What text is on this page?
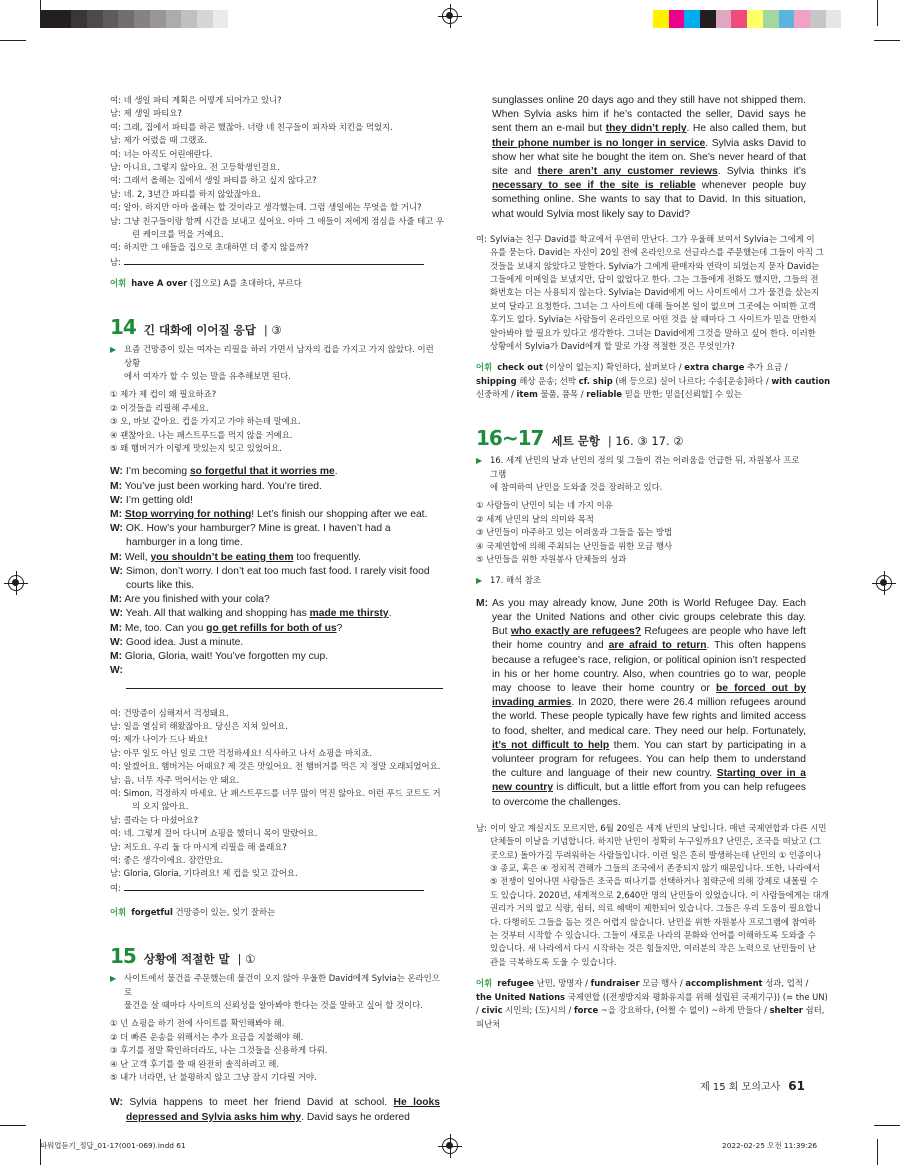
여: 네 생일 파티 계획은 어떻게 되어가고 있니?
남: 제 생일 파티요?
여: 그래, 집에서 파티를 하곤 했잖아. 너랑 네 친구들이 피자와 치킨을 먹었지.
남: 제가 어렸을 때 그랬죠.
여: 너는 아직도 어린애란다.
남: 아니요, 그렇지 않아요. 전 고등학생인걸요.
여: 그래서 올해는 집에서 생일 파티를 하고 싶지 않다고?
남: 네. 2, 3년간 파티를 하지 않았잖아요.
여: 알아. 하지만 아마 올해는 할 것이라고 생각했는데. 그럼 생일에는 무엇을 할 거니?
남: 그냥 친구들이랑 함께 시간을 보내고 싶어요. 아마 그 애들이 저에게 점심을 사줄 테고 우
린 케이크를 먹을 거예요.
여: 하지만 그 애들을 집으로 초대하면 더 좋지 않을까?
남:
어휘 have A over (집으로) A를 초대하다, 부르다
14 긴 대화에 이어질 응답 | ③
▶ 요즘 건망증이 있는 여자는 리필을 하러 가면서 남자의 컵을 가지고 가지 않았다. 이런 상황
에서 여자가 할 수 있는 말을 유추해보면 된다.
① 제가 제 컵이 왜 필요하죠?
② 이것들을 리필해 주세요.
③ 오, 바보 같아요. 컵을 가지고 가야 하는데 말예요.
④ 괜찮아요. 나는 패스트푸드를 먹지 않을 거예요.
⑤ 왜 햄버거가 이렇게 맛있는지 잊고 있었어요.
W: I’m becoming so forgetful that it worries me.
M: You’ve just been working hard. You’re tired.
W: I’m getting old!
M: Stop worrying for nothing! Let’s finish our shopping after we eat.
W: OK. How’s your hamburger? Mine is great. I haven’t had a hamburger in a long time.
M: Well, you shouldn’t be eating them too frequently.
W: Simon, don’t worry. I don’t eat too much fast food. I rarely visit food courts like this.
M: Are you finished with your cola?
W: Yeah. All that walking and shopping has made me thirsty.
M: Me, too. Can you go get refills for both of us?
W: Good idea. Just a minute.
M: Gloria, Gloria, wait! You’ve forgotten my cup.
W:
여: 건망증이 심해져서 걱정돼요.
남: 일을 열심히 해왔잖아요. 당신은 지쳐 있어요.
여: 제가 나이가 드나 봐요!
남: 아무 일도 아닌 일로 그만 걱정하세요! 식사하고 나서 쇼핑을 마치죠.
여: 알겠어요. 햄버거는 어때요? 제 것은 맛있어요. 전 햄버거를 먹은 지 정말 오래되었어요.
남: 음, 너무 자주 먹어서는 안 돼요.
여: Simon, 걱정하지 마세요. 난 패스트푸드를 너무 많이 먹진 않아요. 이런 푸드 코트도 거
의 오지 않아요.
남: 콜라는 다 마셨어요?
여: 네. 그렇게 걸어 다니며 쇼핑을 했더니 목이 말랐어요.
남: 저도요. 우리 둘 다 마시게 리필을 해 올래요?
여: 좋은 생각이에요. 잠깐만요.
남: Gloria, Gloria, 기다려요! 제 컵을 잊고 갔어요.
여:
어휘 forgetful 건망증이 있는, 잊기 잘하는
15 상황에 적절한 말 | ①
▶ 사이트에서 물건을 주문했는데 물건이 오지 않아 우울한 David에게 Sylvia는 온라인으로
물건을 살 때마다 사이트의 신뢰성을 알아봐야 한다는 것을 말하고 싶어 할 것이다.
① 넌 쇼핑을 하기 전에 사이트를 확인해봐야 해.
② 더 빠른 운송을 위해서는 추가 요금을 지불해야 해.
③ 후기를 정말 확인하더라도, 나는 그것들을 신용하게 다뤄.
④ 난 고객 후기를 쓸 때 완전히 솔직하려고 해.
⑤ 내가 너라면, 난 불평하지 않고 그냥 잠시 기다릴 거야.
W: Sylvia happens to meet her friend David at school. He looks depressed and Sylvia asks him why. David says he ordered
sunglasses online 20 days ago and they still have not shipped them. When Sylvia asks him if he’s contacted the seller, David says he sent them an e-mail but they didn’t reply. He also called them, but their phone number is no longer in service. Sylvia asks David to show her what site he bought the item on. She’s never heard of that site and there aren’t any customer reviews. Sylvia thinks it’s necessary to see if the site is reliable whenever people buy something online. She wants to say that to David. In this situation, what would Sylvia most likely say to David?
여: Sylvia는 친구 David를 학교에서 우연히 만난다. 그가 우울해 보여서 Sylvia는 그에게 이
유를 묻는다. David는 자신이 20일 전에 온라인으로 선글라스를 주문했는데 그들이 아직 그
것들을 보내지 않았다고 말한다. Sylvia가 그에게 판매자와 연락이 되었는지 묻자 David는
그들에게 이메일을 보냈지만, 답이 없었다고 한다. 그는 그들에게 전화도 했지만, 그들의 전
화번호는 더는 사용되지 않는다. Sylvia는 David에게 어느 사이트에서 그가 물건을 샀는지
보여 달라고 요청한다. 그녀는 그 사이트에 대해 들어본 일이 없으며 그곳에는 어떠한 고객
후기도 없다. Sylvia는 사람들이 온라인으로 어떤 것을 살 때마다 그 사이트가 믿을 만한지
알아봐야 할 필요가 있다고 생각한다. 그녀는 David에게 그것을 말하고 싶어 한다. 이러한
상황에서 Sylvia가 David에게 할 말로 가장 적절한 것은 무엇인가?
어휘 check out (이상이 없는지) 확인하다, 살펴보다 / extra charge 추가 요금 /
shipping 해상 운송; 선박 cf. ship (배 등으로) 실어 나르다; 수송[운송]하다 / with caution
신중하게 / item 물품, 품목 / reliable 믿을 만한; 믿을[신뢰할] 수 있는
16~17 세트 문항 | 16. ③ 17. ②
▶ 16. 세계 난민의 날과 난민의 정의 및 그들이 겪는 어려움을 언급한 뒤, 자원봉사 프로그램
에 참여하여 난민을 도와줄 것을 장려하고 있다.
① 사람들이 난민이 되는 네 가지 이유
② 세계 난민의 날의 의미와 목적
③ 난민들이 마주하고 있는 어려움과 그들을 돕는 방법
④ 국제연합에 의해 주최되는 난민들을 위한 모금 행사
⑤ 난민들을 위한 자원봉사 단체들의 성과
▶ 17. 해석 참조
M: As you may already know, June 20th is World Refugee Day. Each year the United Nations and other civic groups celebrate this day. But who exactly are refugees? Refugees are people who have left their home country and are afraid to return. This often happens because a refugee’s race, religion, or political opinion isn’t respected in his or her home country. Also, when countries go to war, people may choose to leave their home country or be forced out by invading armies. In 2020, there were 26.4 million refugees around the world. These people typically have few rights and limited access to food, shelter, and medical care. They need our help. Fortunately, it’s not difficult to help them. You can start by participating in a volunteer program for refugees. You can help them to understand the culture and language of their new country. Starting over in a new country is difficult, but a little effort from you can help refugees to overcome the challenges.
남: 이미 알고 계실지도 모르지만, 6월 20일은 세계 난민의 날입니다. 매년 국제연합과 다른 시민
단체들이 이날을 기념합니다. 하지만 난민이 정확히 누구일까요? 난민은, 조국을 떠났고 (그
곳으로) 돌아가길 두려워하는 사람들입니다. 이런 일은 흔히 발생하는데 난민의 ① 인종이나
③ 종교, 혹은 ④ 정치적 견해가 그들의 조국에서 존중되지 않기 때문입니다. 또한, 나라에서
⑤ 전쟁이 일어나면 사람들은 조국을 떠나기를 선택하거나 침략군에 의해 강제로 내몰릴 수
도 있습니다. 2020년, 세계적으로 2,640만 명의 난민들이 있었습니다. 이 사람들에게는 대개
권리가 거의 없고 식량, 쉼터, 의료 혜택이 제한되어 있습니다. 그들은 우리 도움이 필요합니
다. 다행히도 그들을 돕는 것은 어렵지 않습니다. 난민을 위한 자원봉사 프로그램에 참여하
는 것부터 시작할 수 있습니다. 그들이 새로운 나라의 문화와 언어를 이해하도록 도와줄 수
있습니다. 새 나라에서 다시 시작하는 것은 힘들지만, 여러분의 작은 노력으로 난민들이 난
관을 극복하도록 도울 수 있습니다.
어휘 refugee 난민, 망명자 / fundraiser 모금 행사 / accomplishment 성과, 업적 /
the United Nations 국제연합 ((전쟁방지와 평화유지를 위해 설립된 국제기구)) (= the UN)
/ civic 시민의; (도)시의 / force ~을 강요하다, (어쩔 수 없이) ~하게 만들다 / shelter 쉼터,
피난처
제 15 회 모의고사 61
파워업듣기_정답_01-17(001-069).indd 61	2022-02-25 오전 11:39:26
